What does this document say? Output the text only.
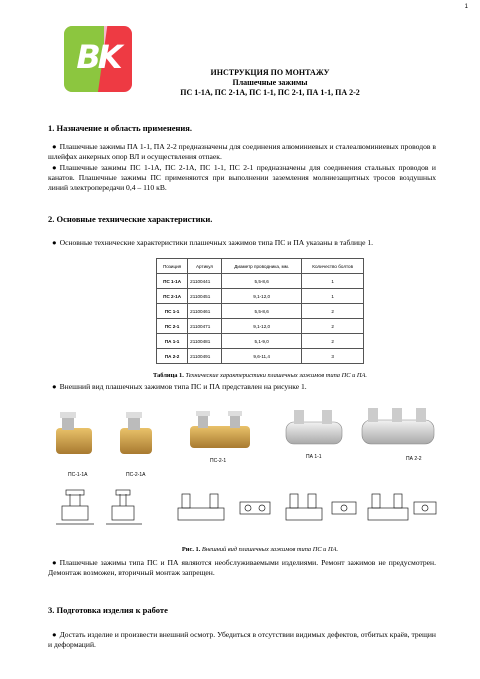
1
BK	ИНСТРУКЦИЯ ПО МОНТАЖУ
Плашечные зажимы
ПС 1-1А, ПС 2-1А, ПС 1-1, ПС 2-1, ПА 1-1, ПА 2-2
1. Назначение и область применения.
● Плашечные зажимы ПА 1-1, ПА 2-2 предназначены для соединения алюминиевых и сталеалюминиевых проводов в шлейфах анкерных опор ВЛ и осуществления отпаек.
● Плашечные зажимы ПС 1-1А, ПС 2-1А, ПС 1-1, ПС 2-1 предназначены для соединения стальных проводов и канатов. Плашечные зажимы ПС применяются при выполнении заземления молниезащитных тросов воздушных линий электропередачи 0,4 – 110 кВ.
2. Основные технические характеристики.
● Основные технические характеристики плашечных зажимов типа ПС и ПА указаны в таблице 1.
Позиция	Артикул	Диаметр проводника, мм.	Количество болтов
ПС 1-1А	21100441	5,5-8,6	1
ПС 2-1А	21100451	9,1-12,0	1
ПС 1-1	21100461	5,5-8,6	2
ПС 2-1	21100471	9,1-12,0	2
ПА 1-1	21100481	5,1-9,0	2
ПА 2-2	21100491	9,6-11,4	3
Таблица 1. Технические характеристики плашечных зажимов типа ПС и ПА.
● Внешний вид плашечных зажимов типа ПС и ПА представлен на рисунке 1.
ПС-1-1А	ПС-2-1А
ПС-2-1
ПА 1-1	ПА 2-2
Рис. 1. Внешний вид плашечных зажимов типа ПС и ПА.
● Плашечные зажимы типа ПС и ПА являются необслуживаемыми изделиями. Ремонт зажимов не предусмотрен. Демонтаж возможен, вторичный монтаж запрещен.
3. Подготовка изделия к работе
● Достать изделие и произвести внешний осмотр. Убедиться в отсутствии видимых дефектов, отбитых краёв, трещин и деформаций.
